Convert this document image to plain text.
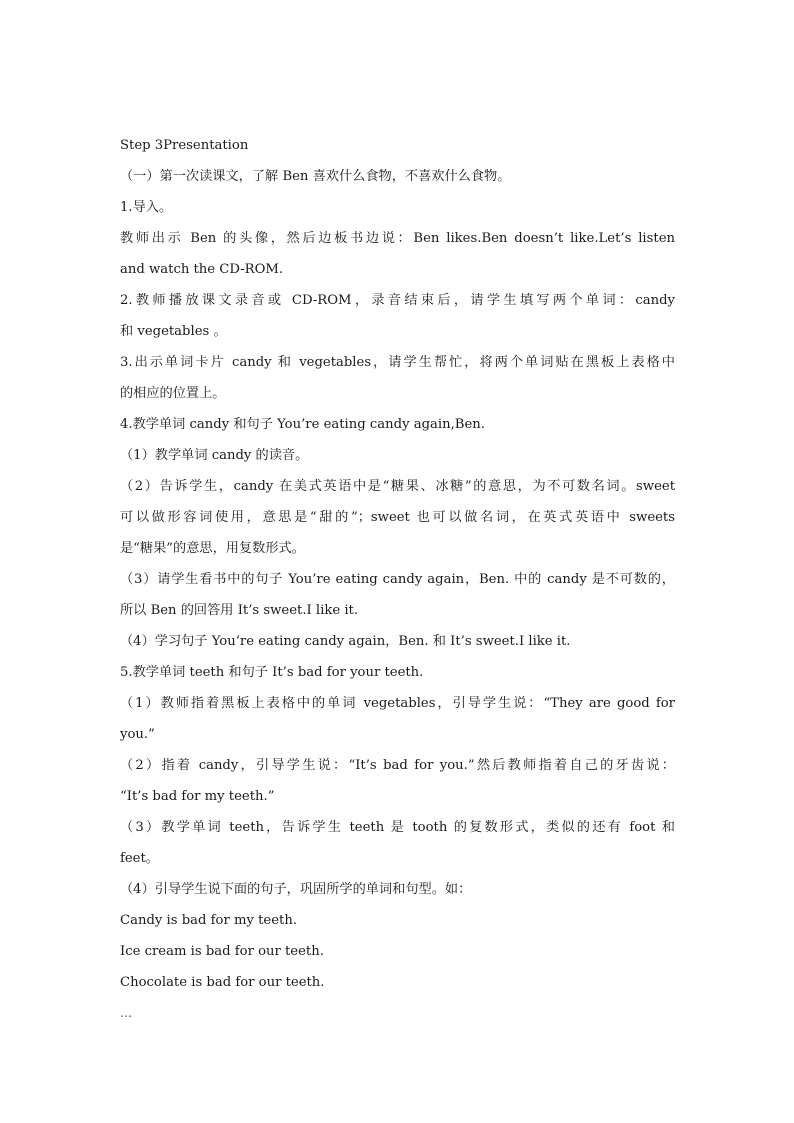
Step 3Presentation
（一）第一次读课文，了解 Ben 喜欢什么食物，不喜欢什么食物。
1.导入。
教师出示 Ben 的头像，然后边板书边说：Ben likes.Ben doesn’t like.Let’s listen
and watch the CD-ROM.
2.教师播放课文录音或 CD-ROM，录音结束后，请学生填写两个单词：candy
和 vegetables 。
3.出示单词卡片 candy 和 vegetables，请学生帮忙，将两个单词贴在黑板上表格中
的相应的位置上。
4.教学单词 candy 和句子 You’re eating candy again,Ben.
（1）教学单词 candy 的读音。
（2）告诉学生，candy 在美式英语中是“糖果、冰糖”的意思，为不可数名词。sweet
可以做形容词使用，意思是“甜的”；sweet 也可以做名词，在英式英语中 sweets
是“糖果”的意思，用复数形式。
（3）请学生看书中的句子 You’re eating candy again，Ben. 中的 candy 是不可数的，
所以 Ben 的回答用 It’s sweet.I like it.
（4）学习句子 You’re eating candy again，Ben. 和 It’s sweet.I like it.
5.教学单词 teeth 和句子 It’s bad for your teeth.
（1）教师指着黑板上表格中的单词 vegetables，引导学生说：“They are good for
you.”
（2）指着 candy，引导学生说：“It’s bad for you.”然后教师指着自己的牙齿说：
“It’s bad for my teeth.”
（3）教学单词 teeth，告诉学生 teeth 是 tooth 的复数形式，类似的还有 foot 和
feet。
（4）引导学生说下面的句子，巩固所学的单词和句型。如：
Candy is bad for my teeth.
Ice cream is bad for our teeth.
Chocolate is bad for our teeth.
…
